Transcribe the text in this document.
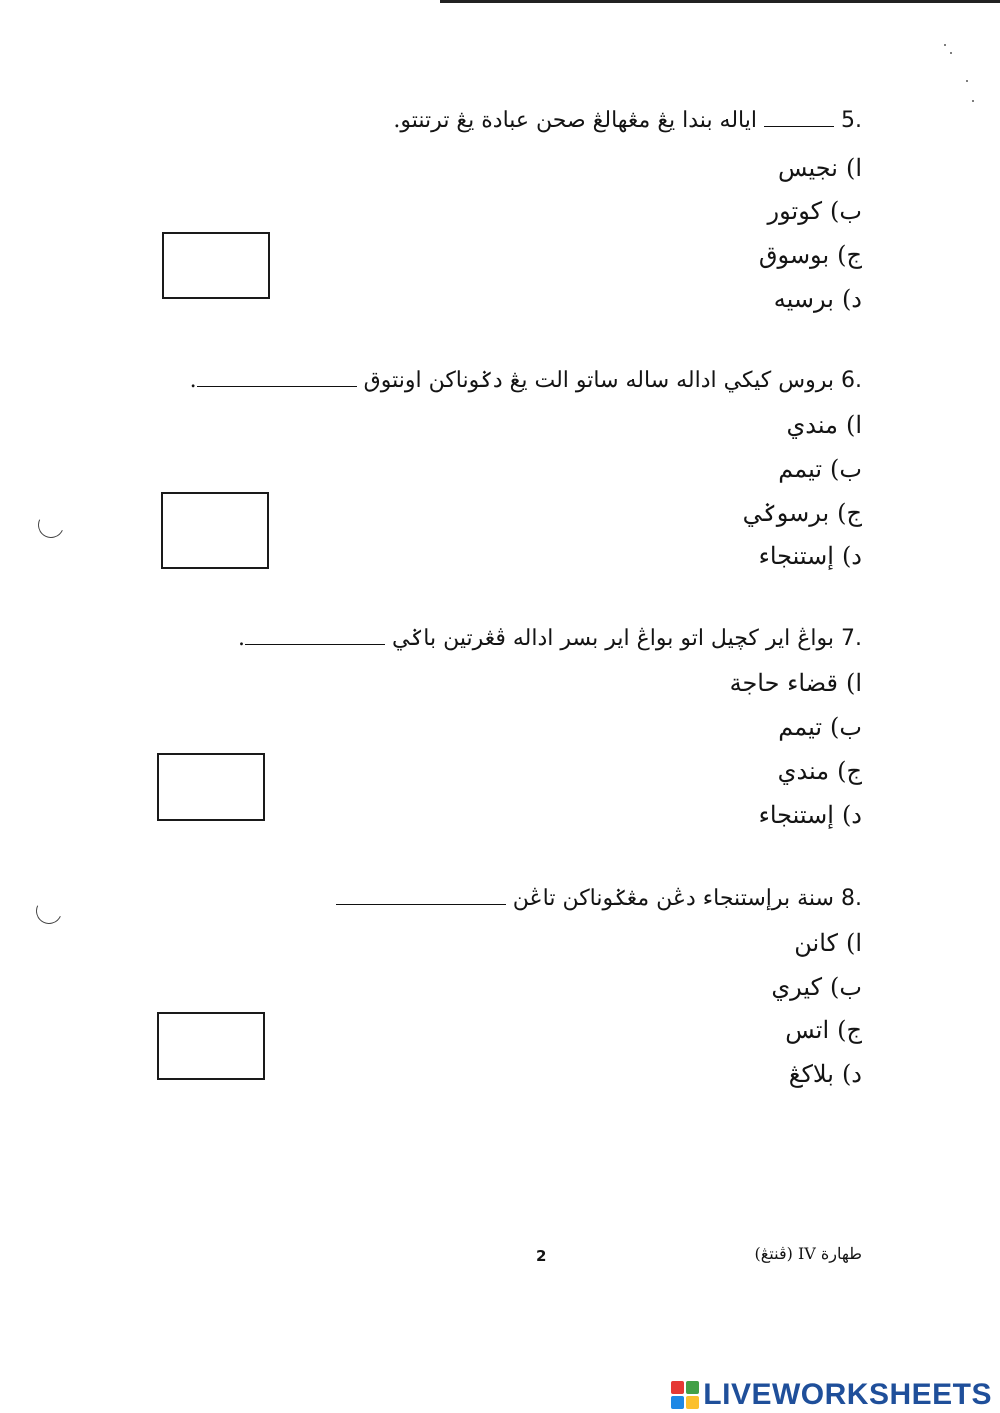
5.  اياله بندا يڠ مڠهالڠ صحن عبادة يڠ ترتنتو.
ا)نجيس
ب)كوتور
ج)بوسوق
د)برسيه
6. بروس کيکي اداله ساله ساتو الت يڠ دݢوناكن اونتوق .
ا)مندي
ب)تيمم
ج)برسوݢي
د)إستنجاء
7. بواڠ اير كچيل اتو بواڠ اير بسر اداله ڤڠرتين باݢي .
ا)قضاء حاجة
ب)تيمم
ج)مندي
د)إستنجاء
8. سنة برإستنجاء دڠن مڠݢوناكن تاڠن
ا)كانن
ب)كيري
ج)اتس
د)بلاكڠ
طهارة IV (ڤنتڠ)
2
LIVEWORKSHEETS
